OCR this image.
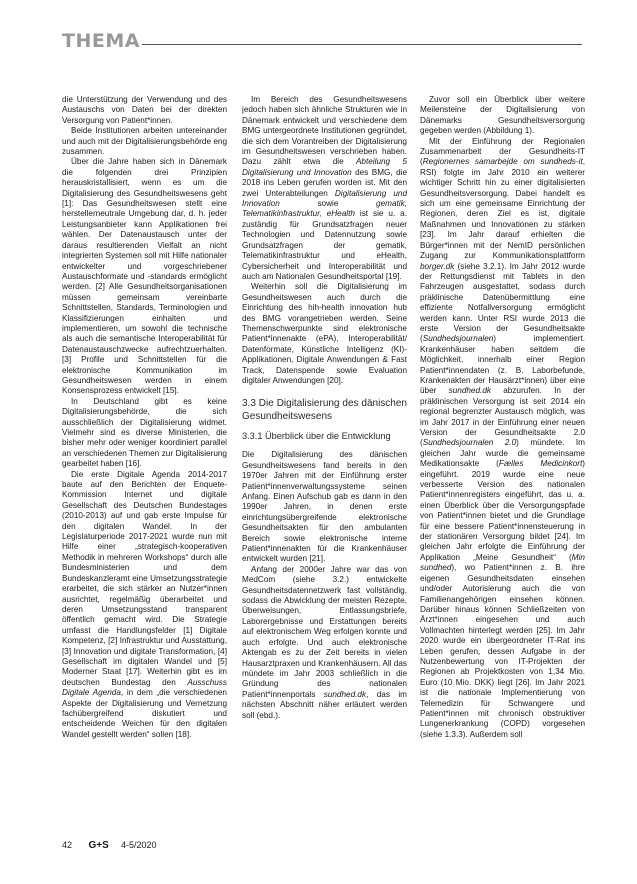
THEMA

die Unterstützung der Verwendung und des Austauschs von Daten bei der direkten Versorgung von Patient*innen.

Beide Institutionen arbeiten untereinander und auch mit der Digitalisierungsbehörde eng zusammen.

Über die Jahre haben sich in Dänemark die folgenden drei Prinzipien herauskristallisiert, wenn es um die Digitalisierung des Gesundheitswesens geht [1]: Das Gesundheitswesen stellt eine herstellerneutrale Umgebung dar, d. h. jeder Leistungsanbieter kann Applikationen frei wählen. Der Datenaustausch unter der daraus resultierenden Vielfalt an nicht integrierten Systemen soll mit Hilfe nationaler entwickelter und vorgeschriebener Austauschformate und -standards ermöglicht werden. [2] Alle Gesundheitsorganisationen müssen gemeinsam vereinbarte Schnittstellen, Standards, Terminologien und Klassifizierungen einhalten und implementieren, um sowohl die technische als auch die semantische Interoperabilität für Datenaustauschzwecke aufrechtzuerhalten. [3] Profile und Schnittstellen für die elektronische Kommunikation im Gesundheitswesen werden in einem Konsensprozess entwickelt [15].

In Deutschland gibt es keine Digitalisierungsbehörde, die sich ausschließlich der Digitalisierung widmet. Vielmehr sind es diverse Ministerien, die bisher mehr oder weniger koordiniert parallel an verschiedenen Themen zur Digitalisierung gearbeitet haben [16].

Die erste Digitale Agenda 2014-2017 baute auf den Berichten der Enquete-Kommission Internet und digitale Gesellschaft des Deutschen Bundestages (2010-2013) auf und gab erste Impulse für den digitalen Wandel. In der Legislaturperiode 2017-2021 wurde nun mit Hilfe einer „strategisch-kooperativen Methodik in mehreren Workshops“ durch alle Bundesministerien und dem Bundeskanzleramt eine Umsetzungsstrategie erarbeitet, die sich stärker an Nutzer*innen ausrichtet, regelmäßig überarbeitet und deren Umsetzungsstand transparent öffentlich gemacht wird. Die Strategie umfasst die Handlungsfelder [1] Digitale Kompetenz, [2] Infrastruktur und Ausstattung, [3] Innovation und digitale Transformation, [4] Gesellschaft im digitalen Wandel und [5] Moderner Staat [17]. Weiterhin gibt es im deutschen Bundestag den Ausschuss Digitale Agenda, in dem „die verschiedenen Aspekte der Digitalisierung und Vernetzung fachübergreifend diskutiert und entscheidende Weichen für den digitalen Wandel gestellt werden“ sollen [18].

Im Bereich des Gesundheitswesens jedoch haben sich ähnliche Strukturen wie in Dänemark entwickelt und verschiedene dem BMG untergeordnete Institutionen gegründet, die sich dem Vorantreiben der Digitalisierung im Gesundheitswesen verschrieben haben. Dazu zählt etwa die Abteilung 5 Digitalisierung und Innovation des BMG, die 2018 ins Leben gerufen worden ist. Mit den zwei Unterabteilungen Digitalisierung und Innovation	sowie	gematik, Telematikinfrastruktur, eHealth ist sie u. a. zuständig für Grundsatzfragen neuer Technologien und Datennutzung sowie Grundsatzfragen der gematik, Telematikinfrastruktur und eHealth, Cybersicherheit und Interoperabilität und auch am Nationalen Gesundheitsportal [19].

Weiterhin soll die Digitalisierung im Gesundheitswesen auch durch die Einrichtung des hih-health innovation hub des BMG vorangetrieben werden. Seine Themenschwerpunkte sind elektronische Patient*innenakte (ePA), Interoperabilität/ Datenformate, Künstliche Intelligenz (KI)-Applikationen, Digitale Anwendungen & Fast Track, Datenspende sowie Evaluation digitaler Anwendungen [20].

3.3 Die Digitalisierung des dänischen Gesundheitswesens
3.3.1 Überblick über die Entwicklung

Die Digitalisierung des dänischen Gesundheitswesens fand bereits in den 1970er Jahren mit der Einführung erster Patient*innenverwaltungssysteme seinen Anfang. Einen Aufschub gab es dann in den 1990er Jahren, in denen erste einrichtungsübergreifende elektronische Gesundheitsakten für den ambulanten Bereich sowie elektronische interne Patient*innenakten für die Krankenhäuser entwickelt wurden [21].

Anfang der 2000er Jahre war das von MedCom (siehe 3.2.) entwickelte Gesundheitsdatennetzwerk fast vollständig, sodass die Abwicklung der meisten Rezepte, Überweisungen, Entlassungsbriefe, Laborergebnisse und Erstattungen bereits auf elektronischem Weg erfolgen konnte und auch erfolgte. Und auch elektronische Aktengab es zu der Zeit bereits in vielen Hausarztpraxen und Krankenhäusern. All das mündete im Jahr 2003 schließlich in die Gründung des nationalen Patient*innenportals sundhed.dk, das im nächsten Abschnitt näher erläutert werden soll (ebd.).

Zuvor soll ein Überblick über weitere Meilensteine der Digitalisierung von Dänemarks Gesundheitsversorgung gegeben werden (Abbildung 1).

Mit der Einführung der Regionalen Zusammenarbeit der Gesundheits-IT (Regionernes samarbejde om sundheds-it, RSI) folgte im Jahr 2010 ein weiterer wichtiger Schritt hin zu einer digitalisierten Gesundheitsversorgung. Dabei handelt es sich um eine gemeinsame Einrichtung der Regionen, deren Ziel es ist, digitale Maßnahmen und Innovationen zu stärken [23]. Im Jahr darauf erhielten die Bürger*innen mit der NemID persönlichen Zugang zur Kommunikationsplattform borger.dk (siehe 3.2.1). Im Jahr 2012 wurde der Rettungsdienst mit Tablets in den Fahrzeugen ausgestattet, sodass durch präklinische Datenübermittlung eine effiziente Notfallversorgung ermöglicht werden kann. Unter RSI wurde 2013 die erste Version der Gesundheitsakte (Sundhedsjournalen) implementiert. Krankenhäuser haben seitdem die Möglichkeit, innerhalb einer Region Patient*innendaten (z. B. Laborbefunde, Krankenakten der Hausärzt*innen) über eine über sundhed.dk abzurufen. In der präklinischen Versorgung ist seit 2014 ein regional begrenzter Austausch möglich, was im Jahr 2017 in der Einführung einer neuen Version der Gesundheitsakte 2.0 (Sundhedsjournalen 2.0) mündete. Im gleichen Jahr wurde die gemeinsame Medikationsakte (Fælles Medicinkort) eingeführt. 2019 wurde eine neue verbesserte Version des nationalen Patient*innenregisters eingeführt, das u. a. einen Überblick über die Versorgungspfade von Patient*innen bietet und die Grundlage für eine bessere Patient*innensteuerung in der stationären Versorgung bildet [24]. Im gleichen Jahr erfolgte die Einführung der Applikation „Meine Gesundheit“ (Min sundhed), wo Patient*innen z. B. ihre eigenen Gesundheitsdaten einsehen und/oder Autorisierung auch die von Familienangehörigen einsehen können. Darüber hinaus können Schließzeiten von Ärzt*innen eingesehen und auch Vollmachten hinterlegt werden [25]. Im Jahr 2020 wurde ein übergeordneter IT-Rat ins Leben gerufen, dessen Aufgabe in der Nutzenbewertung von IT-Projekten der Regionen ab Projektkosten von 1,34 Mio. Euro (10 Mio. DKK) liegt [26]. Im Jahr 2021 ist die nationale Implementierung von Telemedizin für Schwangere und Patient*innen mit chronisch obstruktiver Lungenerkrankung (COPD) vorgesehen (siehe 1.3.3). Außerdem soll

42 G+S 4-5/2020
